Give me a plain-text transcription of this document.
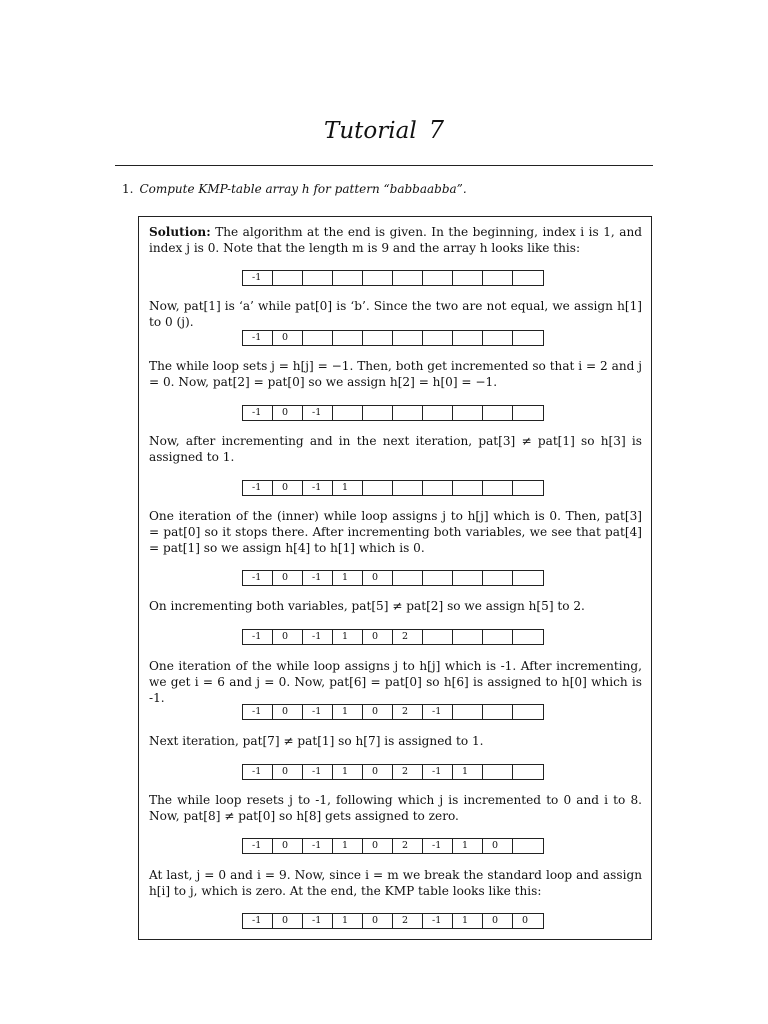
Tutorial 7
1. Compute KMP-table array h for pattern “babbaabba”.
Solution: The algorithm at the end is given. In the beginning, index i is 1, and index j is 0. Note that the length m is 9 and the array h looks like this:
-1
Now, pat[1] is ‘a’ while pat[0] is ‘b’. Since the two are not equal, we assign h[1] to 0 (j).
-1	0
The while loop sets j = h[j] = −1. Then, both get incremented so that i = 2 and j = 0. Now, pat[2] = pat[0] so we assign h[2] = h[0] = −1.
-1	0	-1
Now, after incrementing and in the next iteration, pat[3] ≠ pat[1] so h[3] is assigned to 1.
-1	0	-1	1
One iteration of the (inner) while loop assigns j to h[j] which is 0. Then, pat[3] = pat[0] so it stops there. After incrementing both variables, we see that pat[4] = pat[1] so we assign h[4] to h[1] which is 0.
-1	0	-1	1	0
On incrementing both variables, pat[5] ≠ pat[2] so we assign h[5] to 2.
-1	0	-1	1	0	2
One iteration of the while loop assigns j to h[j] which is -1. After incrementing, we get i = 6 and j = 0. Now, pat[6] = pat[0] so h[6] is assigned to h[0] which is -1.
-1	0	-1	1	0	2	-1
Next iteration, pat[7] ≠ pat[1] so h[7] is assigned to 1.
-1	0	-1	1	0	2	-1	1
The while loop resets j to -1, following which j is incremented to 0 and i to 8. Now, pat[8] ≠ pat[0] so h[8] gets assigned to zero.
-1	0	-1	1	0	2	-1	1	0
At last, j = 0 and i = 9. Now, since i = m we break the standard loop and assign h[i] to j, which is zero. At the end, the KMP table looks like this:
-1	0	-1	1	0	2	-1	1	0	0
